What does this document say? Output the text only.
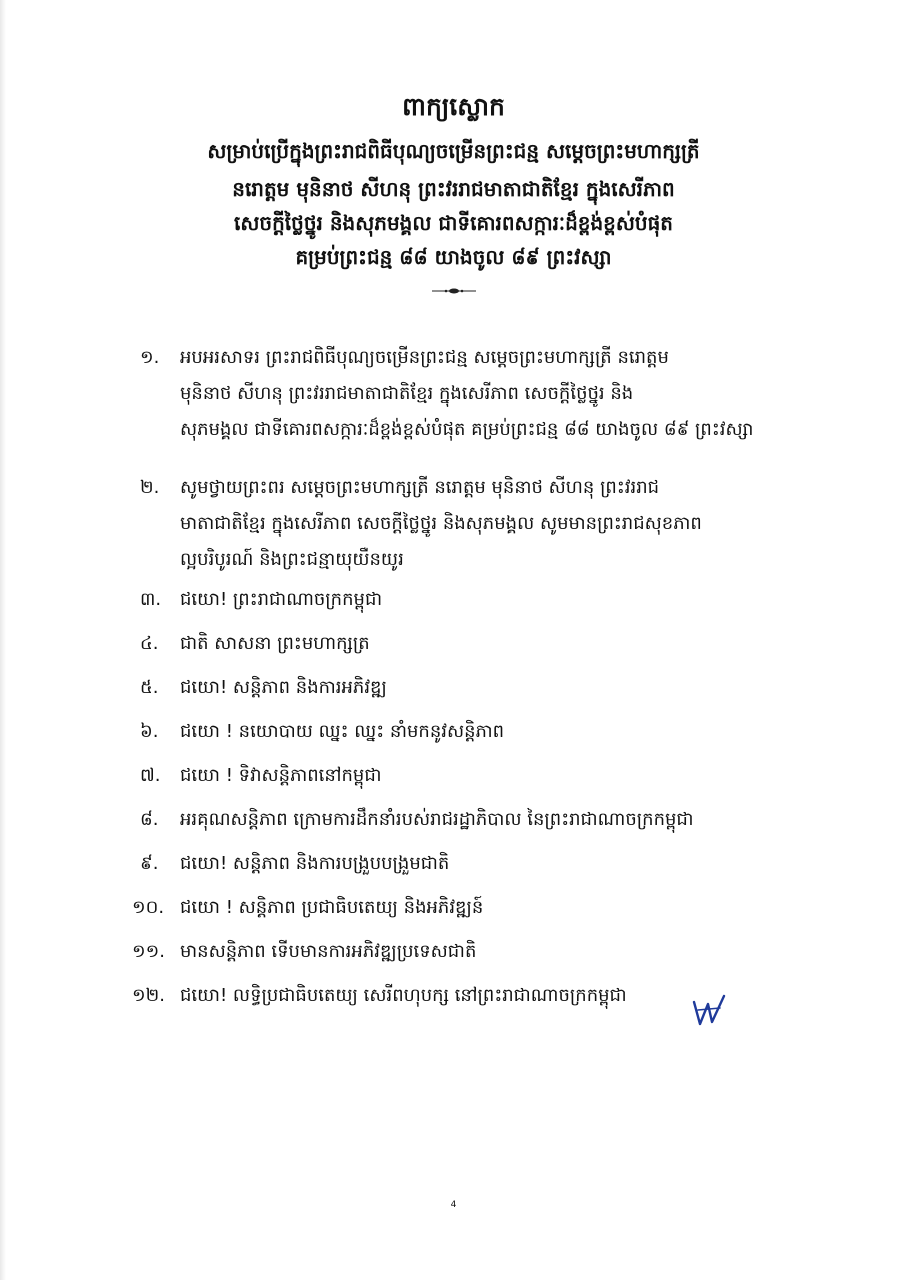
ពាក្យស្លោក
សម្រាប់ប្រើក្នុងព្រះរាជពិធីបុណ្យចម្រើនព្រះជន្ម សម្តេចព្រះមហាក្សត្រី
នរោត្តម មុនិនាថ សីហនុ ព្រះវររាជមាតាជាតិខ្មែរ ក្នុងសេរីភាព
សេចក្តីថ្លៃថ្នូរ និងសុភមង្គល ជាទីគោរពសក្ការៈដ៏ខ្ពង់ខ្ពស់បំផុត
គម្រប់ព្រះជន្ម ៨៨ យាងចូល ៨៩ ព្រះវស្សា
១. អបអរសាទរ ព្រះរាជពិធីបុណ្យចម្រើនព្រះជន្ម សម្តេចព្រះមហាក្សត្រី នរោត្តម
មុនិនាថ សីហនុ ព្រះវររាជមាតាជាតិខ្មែរ ក្នុងសេរីភាព សេចក្តីថ្លៃថ្នូរ និង
សុភមង្គល ជាទីគោរពសក្ការៈដ៏ខ្ពង់ខ្ពស់បំផុត គម្រប់ព្រះជន្ម ៨៨ យាងចូល ៨៩ ព្រះវស្សា
២. សូមថ្វាយព្រះពរ សម្តេចព្រះមហាក្សត្រី នរោត្តម មុនិនាថ សីហនុ ព្រះវររាជ
មាតាជាតិខ្មែរ ក្នុងសេរីភាព សេចក្តីថ្លៃថ្នូរ និងសុភមង្គល សូមមានព្រះរាជសុខភាព
ល្អបរិបូរណ៍ និងព្រះជន្មាយុយឺនយូរ
៣. ជយោ! ព្រះរាជាណាចក្រកម្ពុជា
៤. ជាតិ សាសនា ព្រះមហាក្សត្រ
៥. ជយោ! សន្តិភាព និងការអភិវឌ្ឍ
៦. ជយោ ! នយោបាយ ឈ្នះ ឈ្នះ នាំមកនូវសន្តិភាព
៧. ជយោ ! ទិវាសន្តិភាពនៅកម្ពុជា
៨. អរគុណសន្តិភាព ក្រោមការដឹកនាំរបស់រាជរដ្ឋាភិបាល នៃព្រះរាជាណាចក្រកម្ពុជា
៩. ជយោ! សន្តិភាព និងការបង្រួបបង្រួមជាតិ
១០. ជយោ ! សន្តិភាព ប្រជាធិបតេយ្យ និងអភិវឌ្ឍន៍
១១. មានសន្តិភាព ទើបមានការអភិវឌ្ឍប្រទេសជាតិ
១២. ជយោ! លទ្ធិប្រជាធិបតេយ្យ សេរីពហុបក្ស នៅព្រះរាជាណាចក្រកម្ពុជា
4
